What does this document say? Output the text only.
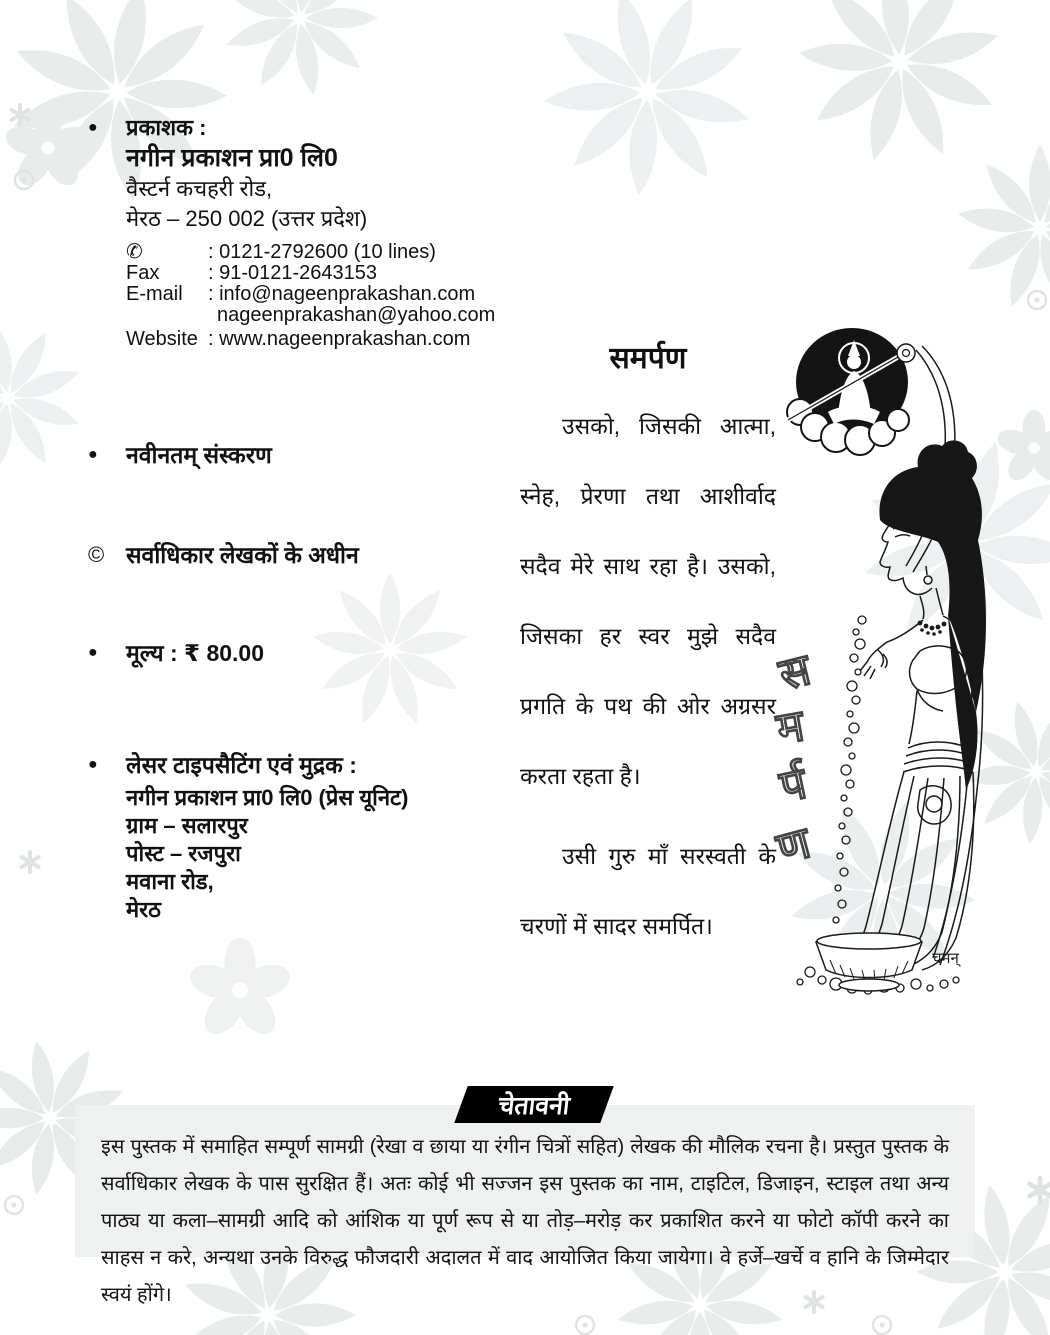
●	प्रकाशक :
नगीन प्रकाशन प्रा0 लि0
वैस्टर्न कचहरी रोड,
मेरठ – 250 002 (उत्तर प्रदेश)
✆	: 0121-2792600 (10 lines)
Fax	: 91-0121-2643153
E-mail	: info@nageenprakashan.com
nageenprakashan@yahoo.com
Website : www.nageenprakashan.com
●	नवीनतम् संस्करण
© सर्वाधिकार लेखकों के अधीन
●	मूल्य : ₹ 80.00
●	लेसर टाइपसैटिंग एवं मुद्रक :
नगीन प्रकाशन प्रा0 लि0 (प्रेस यूनिट)
ग्राम – सलारपुर
पोस्ट – रजपुरा
मवाना रोड,
मेरठ
समर्पण
उसको, जिसकी आत्मा,
स्नेह, प्रेरणा तथा आशीर्वाद
सदैव मेरे साथ रहा है। उसको,
जिसका हर स्वर मुझे सदैव
प्रगति के पथ की ओर अग्रसर
करता रहता है।
उसी गुरु माँ सरस्वती के
चरणों में सादर समर्पित।
स
म
र्प
ण
चमन्
चेतावनी
इस पुस्तक में समाहित सम्पूर्ण सामग्री (रेखा व छाया या रंगीन चित्रों सहित) लेखक की मौलिक रचना है। प्रस्तुत पुस्तक के सर्वाधिकार लेखक के पास सुरक्षित हैं। अतः कोई भी सज्जन इस पुस्तक का नाम, टाइटिल, डिजाइन, स्टाइल तथा अन्य पाठ्य या कला–सामग्री आदि को आंशिक या पूर्ण रूप से या तोड़–मरोड़ कर प्रकाशित करने या फोटो कॉपी करने का साहस न करे, अन्यथा उनके विरुद्ध फौजदारी अदालत में वाद आयोजित किया जायेगा। वे हर्जे–खर्चे व हानि के जिम्मेदार स्वयं होंगे।
